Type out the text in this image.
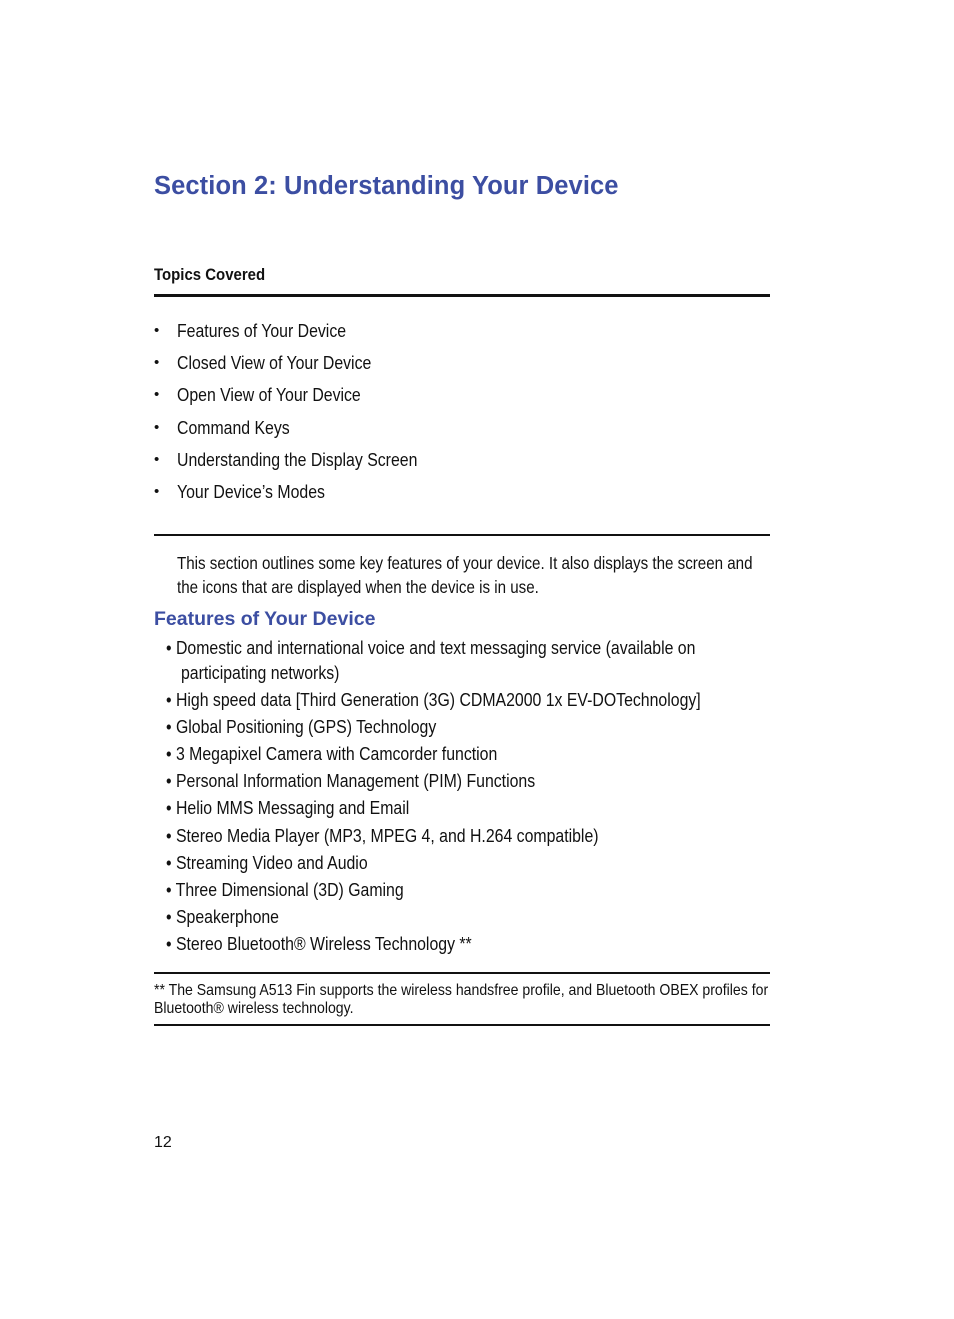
Section 2: Understanding Your Device
Topics Covered
• Features of Your Device
• Closed View of Your Device
• Open View of Your Device
• Command Keys
• Understanding the Display Screen
• Your Device’s Modes
This section outlines some key features of your device. It also displays the screen and the icons that are displayed when the device is in use.
Features of Your Device
• Domestic and international voice and text messaging service (available on
participating networks)
• High speed data [Third Generation (3G) CDMA2000 1x EV-DOTechnology]
• Global Positioning (GPS) Technology
• 3 Megapixel Camera with Camcorder function
• Personal Information Management (PIM) Functions
• Helio MMS Messaging and Email
• Stereo Media Player (MP3, MPEG 4, and H.264 compatible)
• Streaming Video and Audio
• Three Dimensional (3D) Gaming
• Speakerphone
• Stereo Bluetooth® Wireless Technology **
** The Samsung A513 Fin supports the wireless handsfree profile, and Bluetooth OBEX profiles for Bluetooth® wireless technology.
12
